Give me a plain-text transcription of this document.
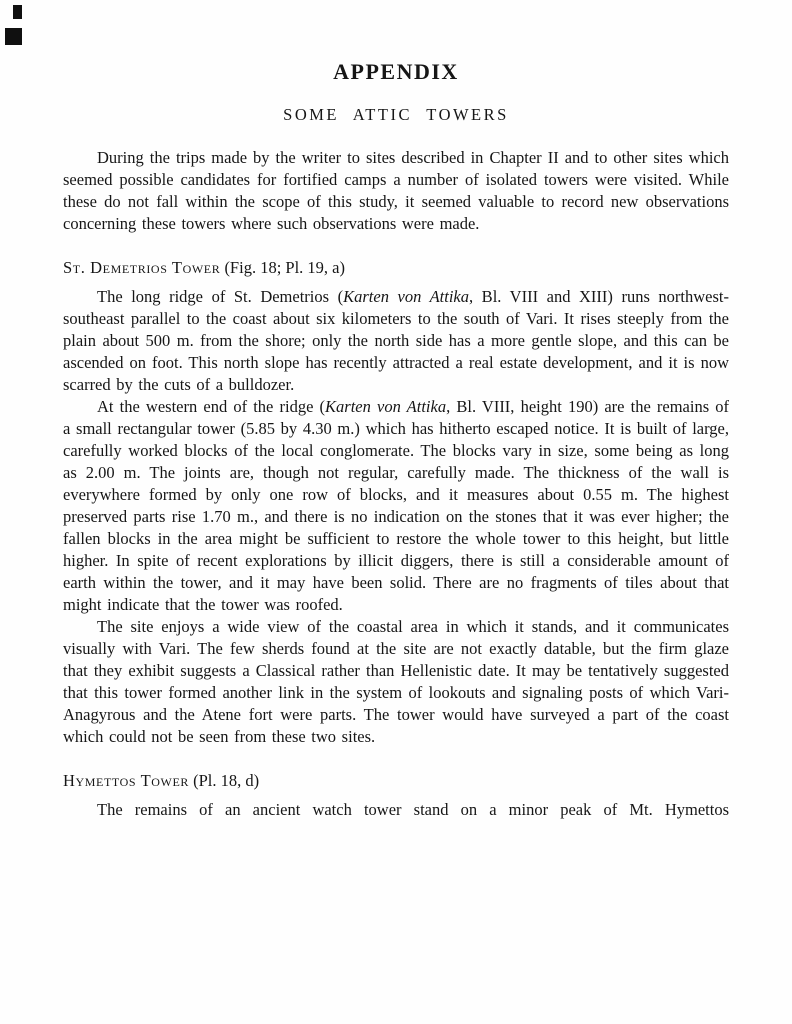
APPENDIX
SOME ATTIC TOWERS

During the trips made by the writer to sites described in Chapter II and to other sites which seemed possible candidates for fortified camps a number of isolated towers were visited. While these do not fall within the scope of this study, it seemed valuable to record new observations concerning these towers where such observations were made.

St. Demetrios Tower (Fig. 18; Pl. 19, a)

The long ridge of St. Demetrios (Karten von Attika, Bl. VIII and XIII) runs northwest-southeast parallel to the coast about six kilometers to the south of Vari. It rises steeply from the plain about 500 m. from the shore; only the north side has a more gentle slope, and this can be ascended on foot. This north slope has recently attracted a real estate development, and it is now scarred by the cuts of a bulldozer.

At the western end of the ridge (Karten von Attika, Bl. VIII, height 190) are the remains of a small rectangular tower (5.85 by 4.30 m.) which has hitherto escaped notice. It is built of large, carefully worked blocks of the local conglomerate. The blocks vary in size, some being as long as 2.00 m. The joints are, though not regular, carefully made. The thickness of the wall is everywhere formed by only one row of blocks, and it measures about 0.55 m. The highest preserved parts rise 1.70 m., and there is no indication on the stones that it was ever higher; the fallen blocks in the area might be sufficient to restore the whole tower to this height, but little higher. In spite of recent explorations by illicit diggers, there is still a considerable amount of earth within the tower, and it may have been solid. There are no fragments of tiles about that might indicate that the tower was roofed.

The site enjoys a wide view of the coastal area in which it stands, and it communicates visually with Vari. The few sherds found at the site are not exactly datable, but the firm glaze that they exhibit suggests a Classical rather than Hellenistic date. It may be tentatively suggested that this tower formed another link in the system of lookouts and signaling posts of which Vari-Anagyrous and the Atene fort were parts. The tower would have surveyed a part of the coast which could not be seen from these two sites.

Hymettos Tower (Pl. 18, d)

The remains of an ancient watch tower stand on a minor peak of Mt. Hymettos
